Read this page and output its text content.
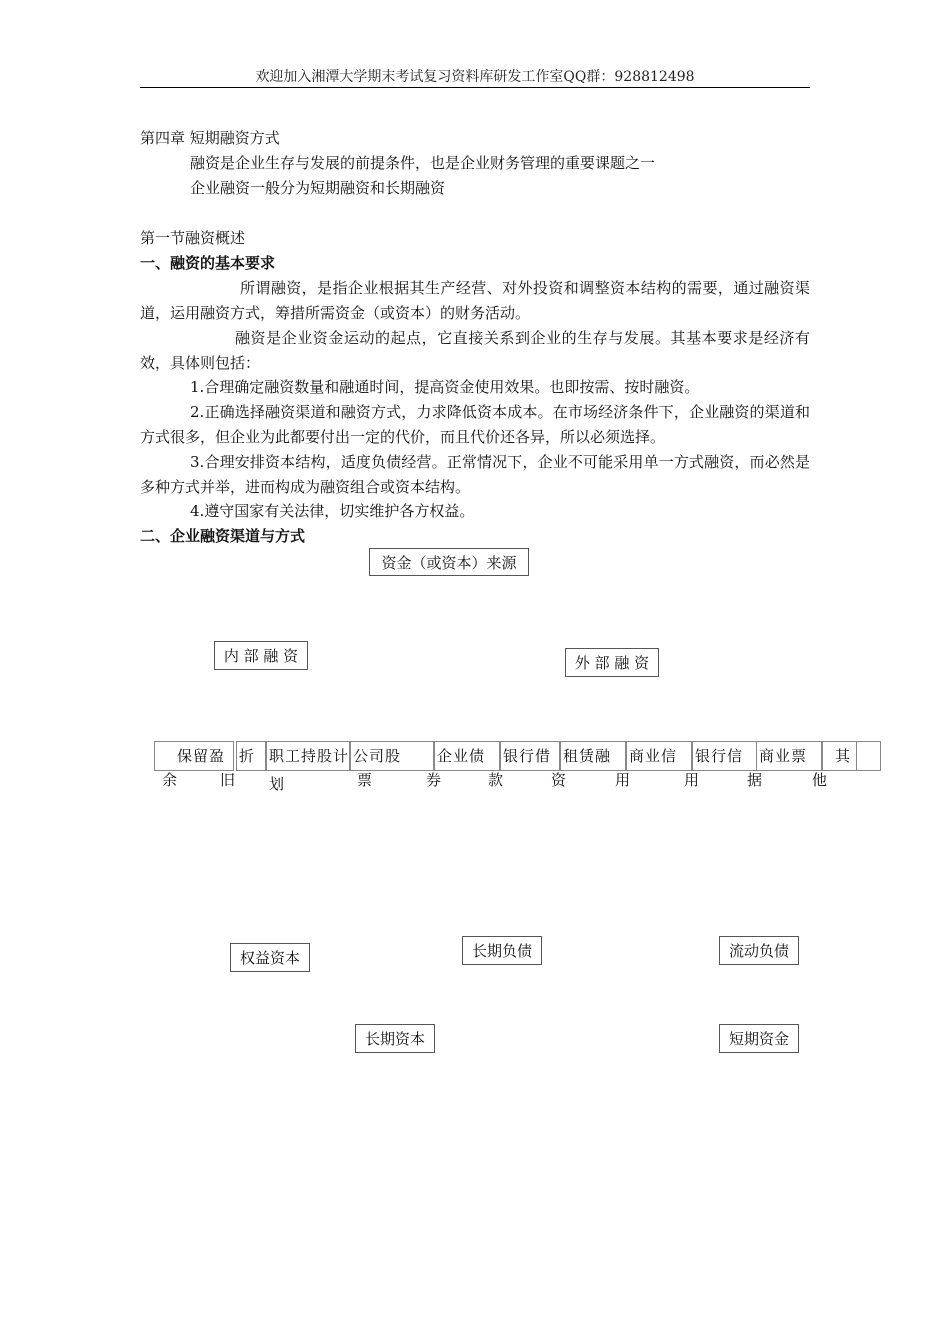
欢迎加入湘潭大学期末考试复习资料库研发工作室QQ群：928812498
第四章 短期融资方式
融资是企业生存与发展的前提条件，也是企业财务管理的重要课题之一
企业融资一般分为短期融资和长期融资
第一节融资概述
一、融资的基本要求
所谓融资，是指企业根据其生产经营、对外投资和调整资本结构的需要，通过融资渠道，运用融资方式，筹措所需资金（或资本）的财务活动。
融资是企业资金运动的起点，它直接关系到企业的生存与发展。其基本要求是经济有效，具体则包括：
1.合理确定融资数量和融通时间，提高资金使用效果。也即按需、按时融资。
2.正确选择融资渠道和融资方式，力求降低资本成本。在市场经济条件下，企业融资的渠道和方式很多，但企业为此都要付出一定的代价，而且代价还各异，所以必须选择。
3.合理安排资本结构，适度负债经营。正常情况下，企业不可能采用单一方式融资，而必然是多种方式并举，进而构成为融资组合或资本结构。
4.遵守国家有关法律，切实维护各方权益。
二、企业融资渠道与方式
资金（或资本）来源
内 部 融 资	外 部 融 资
保留盈
余
折
旧
职工持股计划
公司股
票
企业债
券
银行借
款
租赁融
资
商业信
用
银行信
用
商业票
据
其
他
权益资本	长期负债	流动负债
长期资本	短期资金
